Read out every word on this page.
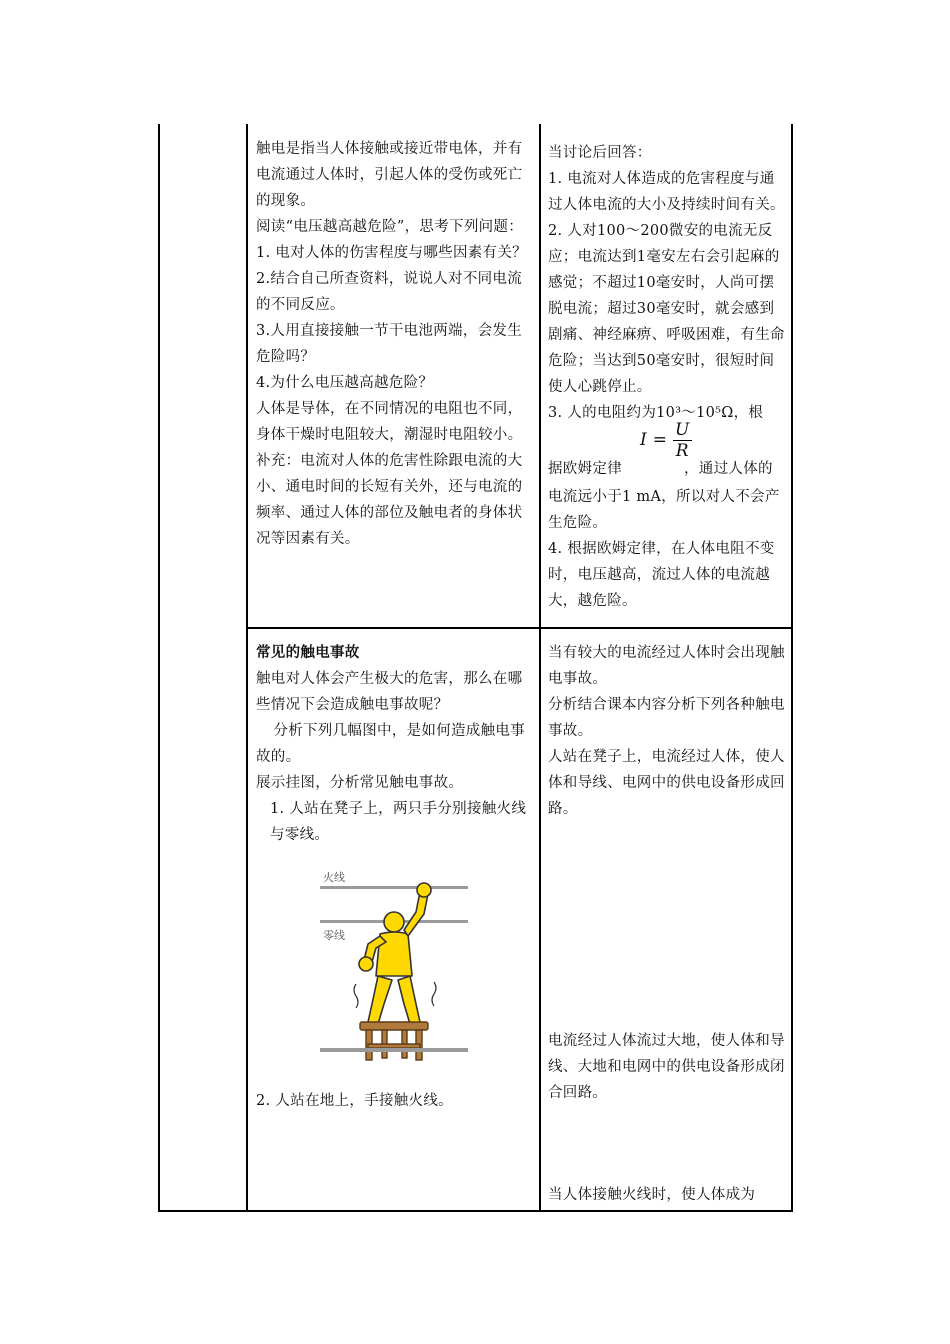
触电是指当人体接触或接近带电体，并有电流通过人体时，引起人体的受伤或死亡的现象。

阅读“电压越高越危险”，思考下列问题：

1. 电对人体的伤害程度与哪些因素有关？

2.结合自己所查资料，说说人对不同电流的不同反应。

3.人用直接接触一节干电池两端，会发生危险吗？

4.为什么电压越高越危险？

人体是导体，在不同情况的电阻也不同，身体干燥时电阻较大，潮湿时电阻较小。

补充：电流对人体的危害性除跟电流的大小、通电时间的长短有关外，还与电流的频率、通过人体的部位及触电者的身体状况等因素有关。

当讨论后回答：

1. 电流对人体造成的危害程度与通过人体电流的大小及持续时间有关。

2. 人对100～200微安的电流无反应；电流达到1毫安左右会引起麻的感觉；不超过10毫安时，人尚可摆脱电流；超过30毫安时，就会感到剧痛、神经麻痹、呼吸困难，有生命危险；当达到50毫安时，很短时间使人心跳停止。

3. 人的电阻约为10³～10⁵Ω，根

据欧姆定律
$I = \frac{U}{R}$
，通过人体的

电流远小于1 mA，所以对人不会产生危险。

4. 根据欧姆定律，在人体电阻不变时，电压越高，流过人体的电流越大，越危险。

常见的触电事故

触电对人体会产生极大的危害，那么在哪些情况下会造成触电事故呢？

分析下列几幅图中，是如何造成触电事故的。

展示挂图，分析常见触电事故。

1. 人站在凳子上，两只手分别接触火线与零线。

火线
零线

2. 人站在地上，手接触火线。

当有较大的电流经过人体时会出现触电事故。

分析结合课本内容分析下列各种触电事故。

人站在凳子上，电流经过人体，使人体和导线、电网中的供电设备形成回路。

电流经过人体流过大地，使人体和导线、大地和电网中的供电设备形成闭合回路。

当人体接触火线时，使人体成为
